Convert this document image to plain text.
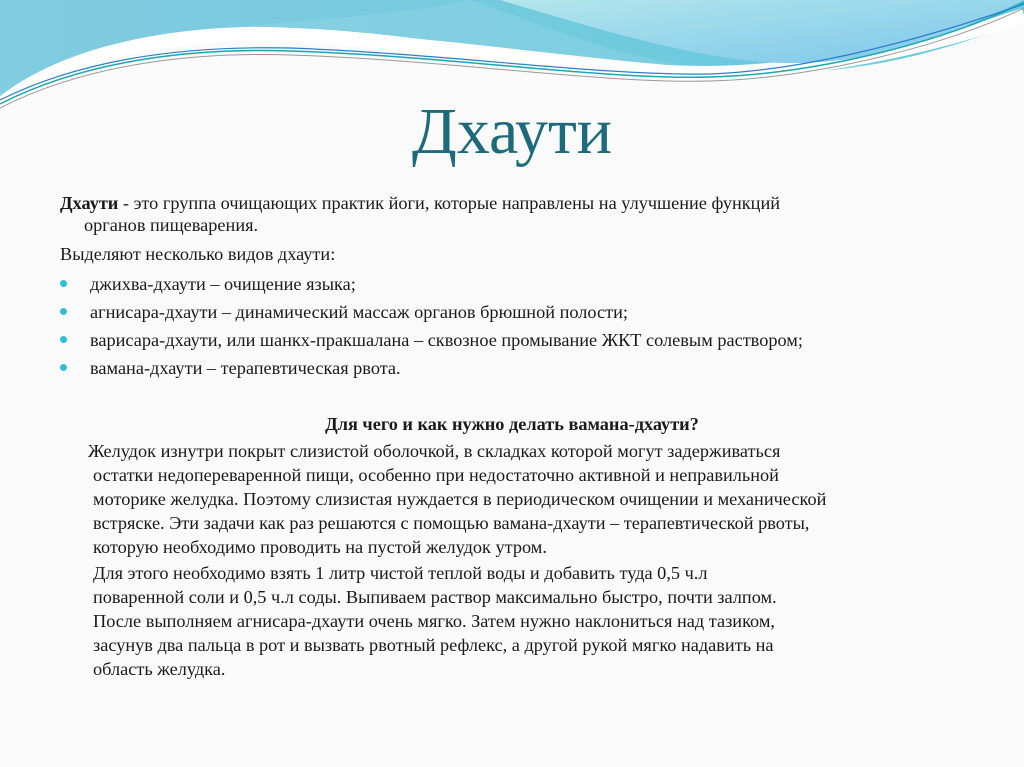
Дхаути
Дхаути - это группа очищающих практик йоги, которые направлены на улучшение функций
органов пищеварения.
Выделяют несколько видов дхаути:
джихва-дхаути – очищение языка;
агнисара-дхаути – динамический массаж органов брюшной полости;
варисара-дхаути, или шанкх-пракшалана – сквозное промывание ЖКТ солевым раствором;
вамана-дхаути – терапевтическая рвота.
Для чего и как нужно делать вамана-дхаути?
Желудок изнутри покрыт слизистой оболочкой, в складках которой могут задерживаться
остатки недопереваренной пищи, особенно при недостаточно активной и неправильной
моторике желудка. Поэтому слизистая нуждается в периодическом очищении и механической
встряске. Эти задачи как раз решаются с помощью вамана-дхаути – терапевтической рвоты,
которую необходимо проводить на пустой желудок утром.
Для этого необходимо взять 1 литр чистой теплой воды и добавить туда 0,5 ч.л
поваренной соли и 0,5 ч.л соды. Выпиваем раствор максимально быстро, почти залпом.
После выполняем агнисара-дхаути очень мягко. Затем нужно наклониться над тазиком,
засунув два пальца в рот и вызвать рвотный рефлекс, а другой рукой мягко надавить на
область желудка.
